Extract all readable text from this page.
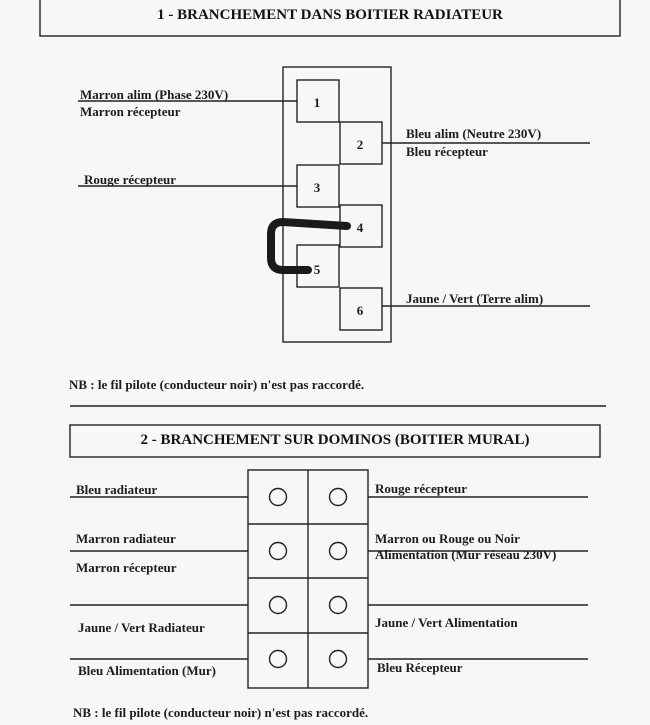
1 - BRANCHEMENT DANS BOITIER RADIATEUR
1
2
3
4
5
6
Marron alim (Phase 230V)
Marron récepteur
Rouge récepteur
Bleu alim (Neutre 230V)
Bleu récepteur
Jaune / Vert (Terre alim)
NB : le fil pilote (conducteur noir) n'est pas raccordé.
2 - BRANCHEMENT SUR DOMINOS (BOITIER MURAL)
Bleu radiateur
Marron radiateur
Marron récepteur
Jaune / Vert Radiateur
Bleu Alimentation (Mur)
Rouge récepteur
Marron ou Rouge ou Noir
Alimentation (Mur réseau 230V)
Jaune / Vert Alimentation
Bleu Récepteur
NB : le fil pilote (conducteur noir) n'est pas raccordé.
